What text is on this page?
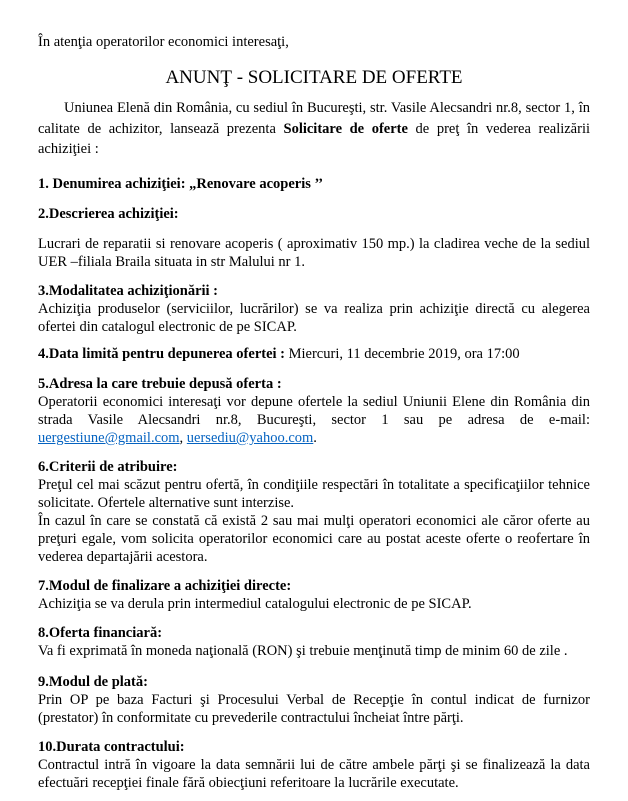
În atenţia operatorilor economici interesaţi,
ANUNŢ - SOLICITARE DE OFERTE

Uniunea Elenă din România, cu sediul în Bucureşti, str. Vasile Alecsandri nr.8, sector 1, în calitate de achizitor, lansează prezenta Solicitare de oferte de preţ în vederea realizării achiziţiei :

1. Denumirea achiziţiei: „Renovare acoperis ’’
2.Descrierea achiziţiei:

Lucrari de reparatii si renovare acoperis ( aproximativ 150 mp.) la cladirea veche de la sediul UER –filiala Braila situata in str Malului nr 1.

3.Modalitatea achiziţionării :

Achiziţia produselor (serviciilor, lucrărilor) se va realiza prin achiziţie directă cu alegerea ofertei din catalogul electronic de pe SICAP.

4.Data limită pentru depunerea ofertei : Miercuri, 11 decembrie 2019, ora 17:00
5.Adresa la care trebuie depusă oferta :

Operatorii economici interesaţi vor depune ofertele la sediul Uniunii Elene din România din strada Vasile Alecsandri nr.8, Bucureşti, sector 1 sau pe adresa de e-mail: uergestiune@gmail.com, uersediu@yahoo.com.

6.Criterii de atribuire:

Preţul cel mai scăzut pentru ofertă, în condiţiile respectări în totalitate a specificaţiilor tehnice solicitate. Ofertele alternative sunt interzise.

În cazul în care se constată că există 2 sau mai mulţi operatori economici ale căror oferte au preţuri egale, vom solicita operatorilor economici care au postat aceste oferte o reofertare în vederea departajării acestora.

7.Modul de finalizare a achiziţiei directe:

Achiziţia se va derula prin intermediul catalogului electronic de pe SICAP.

8.Oferta financiară:

Va fi exprimată în moneda naţională (RON) şi trebuie menţinută timp de minim 60 de zile .

9.Modul de plată:

Prin OP pe baza Facturi şi Procesului Verbal de Recepţie în contul indicat de furnizor (prestator) în conformitate cu prevederile contractului încheiat între părţi.

10.Durata contractului:

Contractul intră în vigoare la data semnării lui de către ambele părţi şi se finalizează la data efectuări recepţiei finale fără obiecţiuni referitoare la lucrările executate.
